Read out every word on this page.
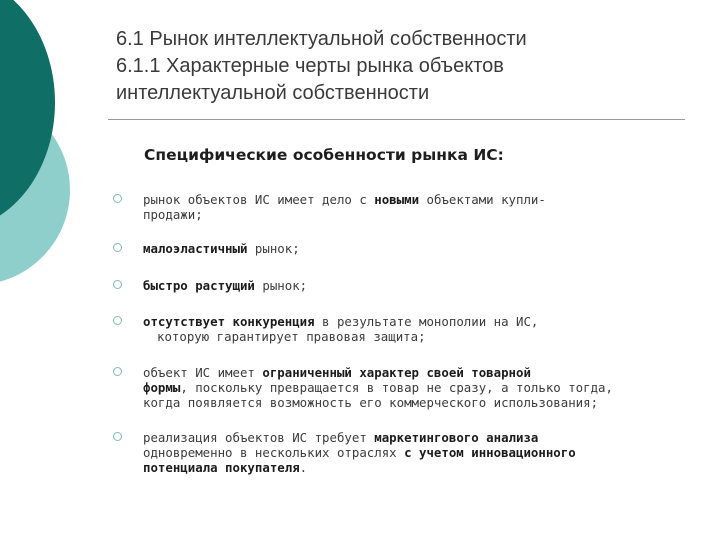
6.1 Рынок интеллектуальной собственности
6.1.1 Характерные черты рынка объектов
интеллектуальной собственности
Специфические особенности рынка ИС:
рынок объектов ИС имеет дело с новыми объектами купли-
продажи;
малоэластичный рынок;
быстро растущий рынок;
отсутствует конкуренция в результате монополии на ИС,
которую гарантирует правовая защита;
объект ИС имеет ограниченный характер своей товарной
формы, поскольку превращается в товар не сразу, а только тогда,
когда появляется возможность его коммерческого использования;
реализация объектов ИС требует маркетингового анализа
одновременно в нескольких отраслях с учетом инновационного
потенциала покупателя.
